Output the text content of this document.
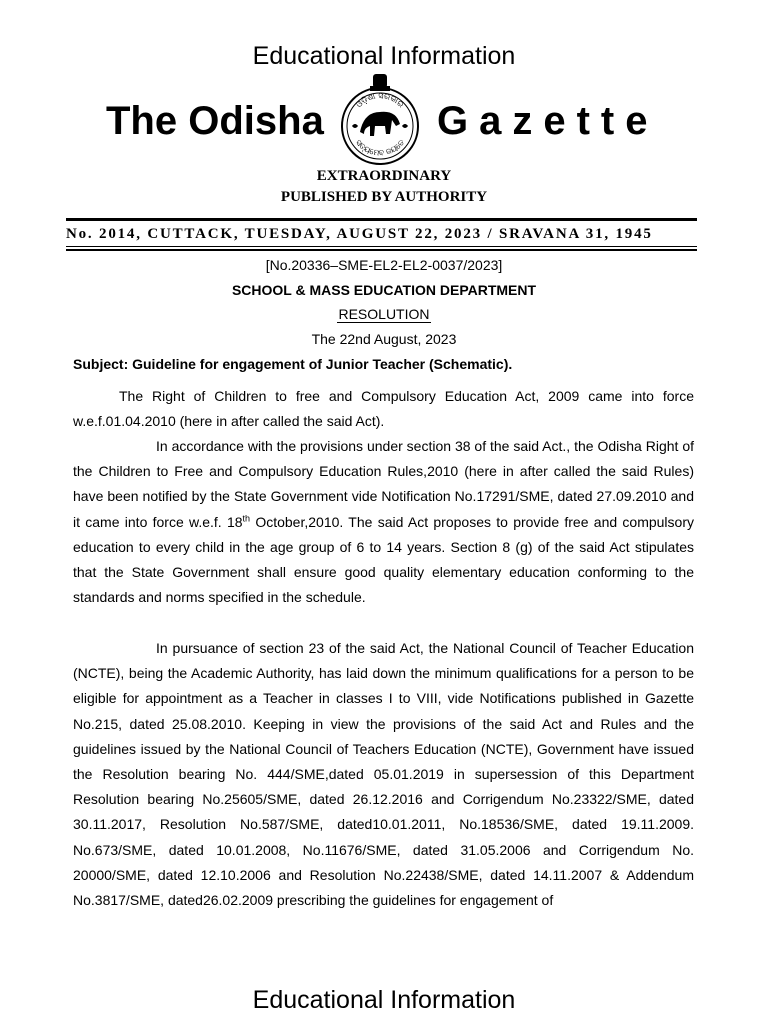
Educational Information
The Odisha	ଓଡ଼ିଶା ସରକାର
ସତ୍ୟମେବ ଜୟତେ
Gazette
EXTRAORDINARY
PUBLISHED BY AUTHORITY
No. 2014, CUTTACK, TUESDAY, AUGUST 22, 2023 / SRAVANA 31, 1945
[No.20336–SME-EL2-EL2-0037/2023]
SCHOOL & MASS EDUCATION DEPARTMENT
RESOLUTION
The 22nd August, 2023
Subject: Guideline for engagement of Junior Teacher (Schematic).
The Right of Children to free and Compulsory Education Act, 2009 came into force w.e.f.01.04.2010 (here in after called the said Act).
In accordance with the provisions under section 38 of the said Act., the Odisha Right of the Children to Free and Compulsory Education Rules,2010 (here in after called the said Rules) have been notified by the State Government vide Notification No.17291/SME, dated 27.09.2010 and it came into force w.e.f. 18th October,2010. The said Act proposes to provide free and compulsory education to every child in the age group of 6 to 14 years. Section 8 (g) of the said Act stipulates that the State Government shall ensure good quality elementary education conforming to the standards and norms specified in the schedule.
In pursuance of section 23 of the said Act, the National Council of Teacher Education (NCTE), being the Academic Authority, has laid down the minimum qualifications for a person to be eligible for appointment as a Teacher in classes I to VIII, vide Notifications published in Gazette No.215, dated 25.08.2010. Keeping in view the provisions of the said Act and Rules and the guidelines issued by the National Council of Teachers Education (NCTE), Government have issued the Resolution bearing No. 444/SME,dated 05.01.2019 in supersession of this Department Resolution bearing No.25605/SME, dated 26.12.2016 and Corrigendum No.23322/SME, dated 30.11.2017, Resolution No.587/SME, dated10.01.2011, No.18536/SME, dated 19.11.2009. No.673/SME, dated 10.01.2008, No.11676/SME, dated 31.05.2006 and Corrigendum No. 20000/SME, dated 12.10.2006 and Resolution No.22438/SME, dated 14.11.2007 & Addendum No.3817/SME, dated26.02.2009 prescribing the guidelines for engagement of
Educational Information
